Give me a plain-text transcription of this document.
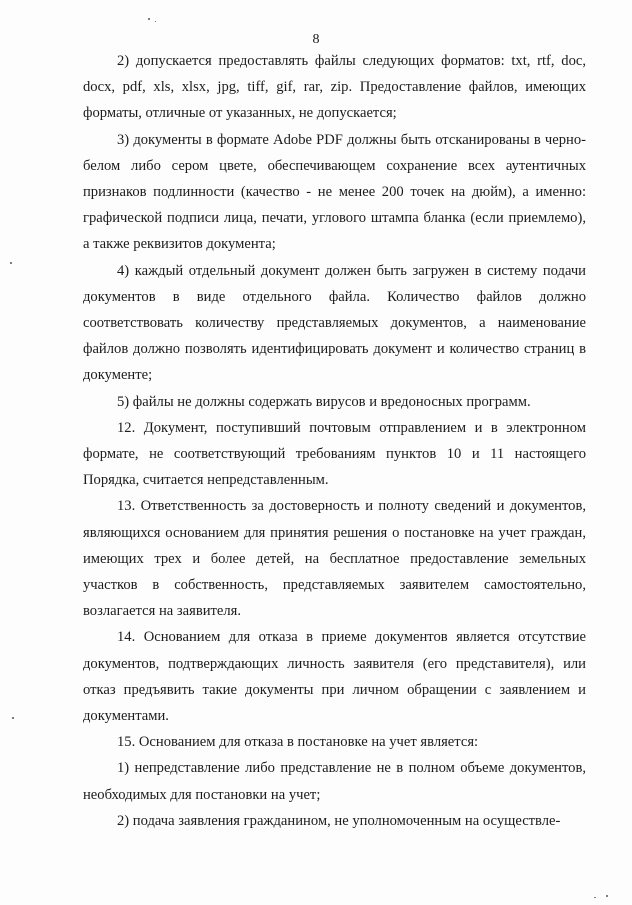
8

2) допускается предоставлять файлы следующих форматов: txt, rtf, doc, docx, pdf, xls, xlsx, jpg, tiff, gif, rar, zip. Предоставление файлов, имеющих форматы, отличные от указанных, не допускается;

3) документы в формате Adobe PDF должны быть отсканированы в черно-белом либо сером цвете, обеспечивающем сохранение всех аутентичных признаков подлинности (качество - не менее 200 точек на дюйм), а именно: графической подписи лица, печати, углового штампа бланка (если приемлемо), а также реквизитов документа;

4) каждый отдельный документ должен быть загружен в систему подачи документов в виде отдельного файла. Количество файлов должно соответствовать количеству представляемых документов, а наименование файлов должно позволять идентифицировать документ и количество страниц в документе;

5) файлы не должны содержать вирусов и вредоносных программ.

12. Документ, поступивший почтовым отправлением и в электронном формате, не соответствующий требованиям пунктов 10 и 11 настоящего Порядка, считается непредставленным.

13. Ответственность за достоверность и полноту сведений и документов, являющихся основанием для принятия решения о постановке на учет граждан, имеющих трех и более детей, на бесплатное предоставление земельных участков в собственность, представляемых заявителем самостоятельно, возлагается на заявителя.

14. Основанием для отказа в приеме документов является отсутствие документов, подтверждающих личность заявителя (его представителя), или отказ предъявить такие документы при личном обращении с заявлением и документами.

15. Основанием для отказа в постановке на учет является:

1) непредставление либо представление не в полном объеме документов, необходимых для постановки на учет;

2) подача заявления гражданином, не уполномоченным на осуществле-
